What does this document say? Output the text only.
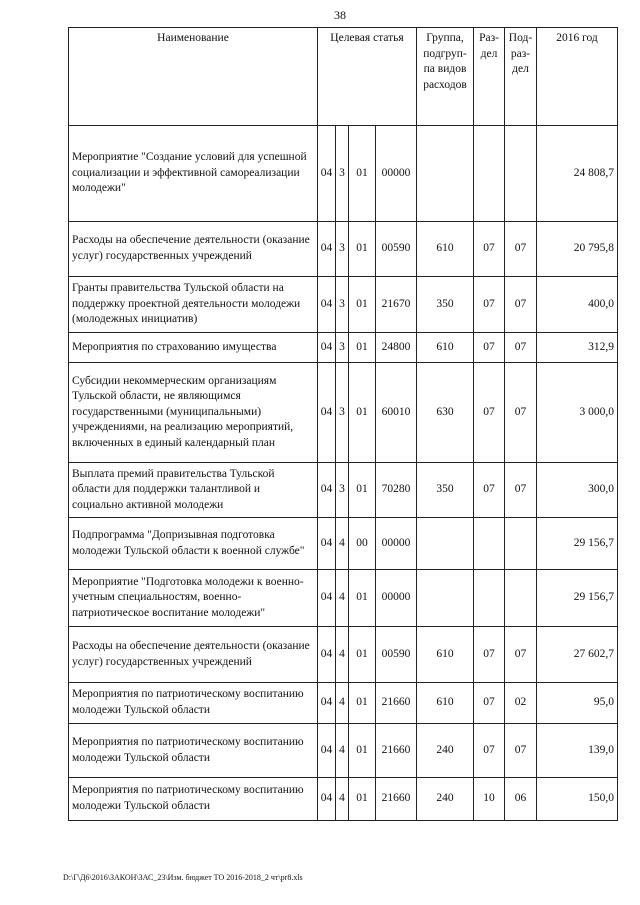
38
Наименование	Целевая статья				Группа, подгруп-па видов расходов	Раз-дел	Под-раз-дел	2016 год
Мероприятие "Создание условий для успешной социализации и эффективной самореализации молодежи"	04	3	01	00000				24 808,7
Расходы на обеспечение деятельности (оказание услуг) государственных учреждений	04	3	01	00590	610	07	07	20 795,8
Гранты правительства Тульской области на поддержку проектной деятельности молодежи (молодежных инициатив)	04	3	01	21670	350	07	07	400,0
Мероприятия по страхованию имущества	04	3	01	24800	610	07	07	312,9
Субсидии некоммерческим организациям Тульской области, не являющимся государственными (муниципальными) учреждениями, на реализацию мероприятий, включенных в единый календарный план	04	3	01	60010	630	07	07	3 000,0
Выплата премий правительства Тульской области для поддержки талантливой и социально активной молодежи	04	3	01	70280	350	07	07	300,0
Подпрограмма "Допризывная подготовка молодежи Тульской области к военной службе"	04	4	00	00000				29 156,7
Мероприятие "Подготовка молодежи к военно-учетным специальностям, военно-патриотическое воспитание молодежи"	04	4	01	00000				29 156,7
Расходы на обеспечение деятельности (оказание услуг) государственных учреждений	04	4	01	00590	610	07	07	27 602,7
Мероприятия по патриотическому воспитанию молодежи Тульской области	04	4	01	21660	610	07	02	95,0
Мероприятия по патриотическому воспитанию молодежи Тульской области	04	4	01	21660	240	07	07	139,0
Мероприятия по патриотическому воспитанию молодежи Тульской области	04	4	01	21660	240	10	06	150,0
D:\Г\Д6\2016\ЗАКОН\ЗАС_23\Изм. бюджет ТО 2016-2018_2 чт\pr8.xls
